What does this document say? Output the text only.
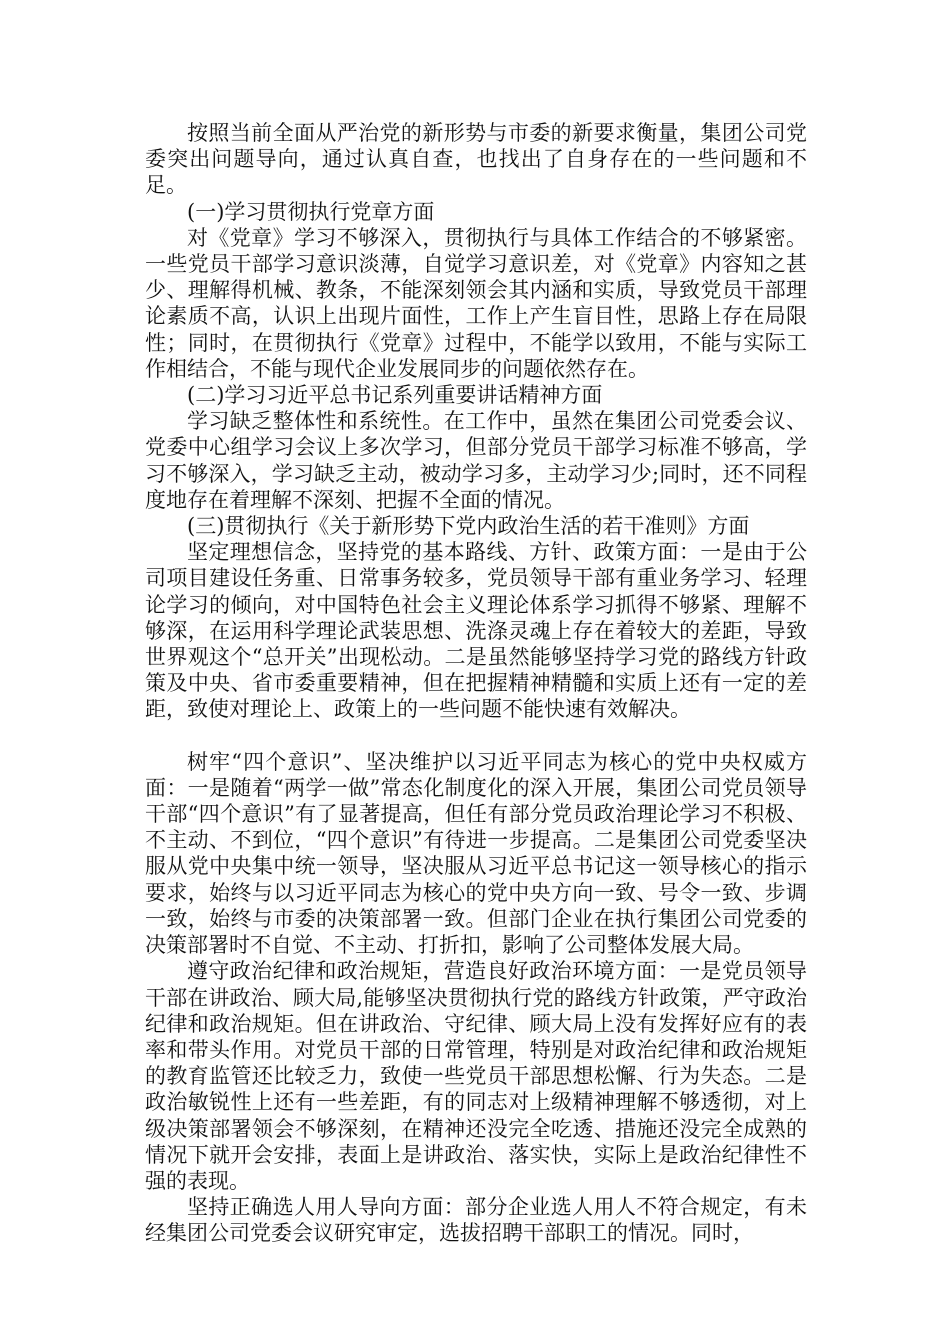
按照当前全面从严治党的新形势与市委的新要求衡量，集团公司党委突出问题导向，通过认真自查，也找出了自身存在的一些问题和不足。

(一)学习贯彻执行党章方面

对《党章》学习不够深入，贯彻执行与具体工作结合的不够紧密。一些党员干部学习意识淡薄，自觉学习意识差，对《党章》内容知之甚少、理解得机械、教条，不能深刻领会其内涵和实质，导致党员干部理论素质不高，认识上出现片面性，工作上产生盲目性，思路上存在局限性；同时，在贯彻执行《党章》过程中，不能学以致用，不能与实际工作相结合，不能与现代企业发展同步的问题依然存在。

(二)学习习近平总书记系列重要讲话精神方面

学习缺乏整体性和系统性。在工作中，虽然在集团公司党委会议、党委中心组学习会议上多次学习，但部分党员干部学习标准不够高，学习不够深入，学习缺乏主动，被动学习多，主动学习少;同时，还不同程度地存在着理解不深刻、把握不全面的情况。

(三)贯彻执行《关于新形势下党内政治生活的若干准则》方面

坚定理想信念，坚持党的基本路线、方针、政策方面：一是由于公司项目建设任务重、日常事务较多，党员领导干部有重业务学习、轻理论学习的倾向，对中国特色社会主义理论体系学习抓得不够紧、理解不够深，在运用科学理论武装思想、洗涤灵魂上存在着较大的差距，导致世界观这个“总开关”出现松动。二是虽然能够坚持学习党的路线方针政策及中央、省市委重要精神，但在把握精神精髓和实质上还有一定的差距，致使对理论上、政策上的一些问题不能快速有效解决。

树牢“四个意识”、坚决维护以习近平同志为核心的党中央权威方面：一是随着“两学一做”常态化制度化的深入开展，集团公司党员领导干部“四个意识”有了显著提高，但任有部分党员政治理论学习不积极、不主动、不到位，“四个意识”有待进一步提高。二是集团公司党委坚决服从党中央集中统一领导，坚决服从习近平总书记这一领导核心的指示要求，始终与以习近平同志为核心的党中央方向一致、号令一致、步调一致，始终与市委的决策部署一致。但部门企业在执行集团公司党委的决策部署时不自觉、不主动、打折扣，影响了公司整体发展大局。

遵守政治纪律和政治规矩，营造良好政治环境方面：一是党员领导干部在讲政治、顾大局,能够坚决贯彻执行党的路线方针政策，严守政治纪律和政治规矩。但在讲政治、守纪律、顾大局上没有发挥好应有的表率和带头作用。对党员干部的日常管理，特别是对政治纪律和政治规矩的教育监管还比较乏力，致使一些党员干部思想松懈、行为失态。二是政治敏锐性上还有一些差距，有的同志对上级精神理解不够透彻，对上级决策部署领会不够深刻，在精神还没完全吃透、措施还没完全成熟的情况下就开会安排，表面上是讲政治、落实快，实际上是政治纪律性不强的表现。

坚持正确选人用人导向方面：部分企业选人用人不符合规定，有未经集团公司党委会议研究审定，选拔招聘干部职工的情况。同时，
